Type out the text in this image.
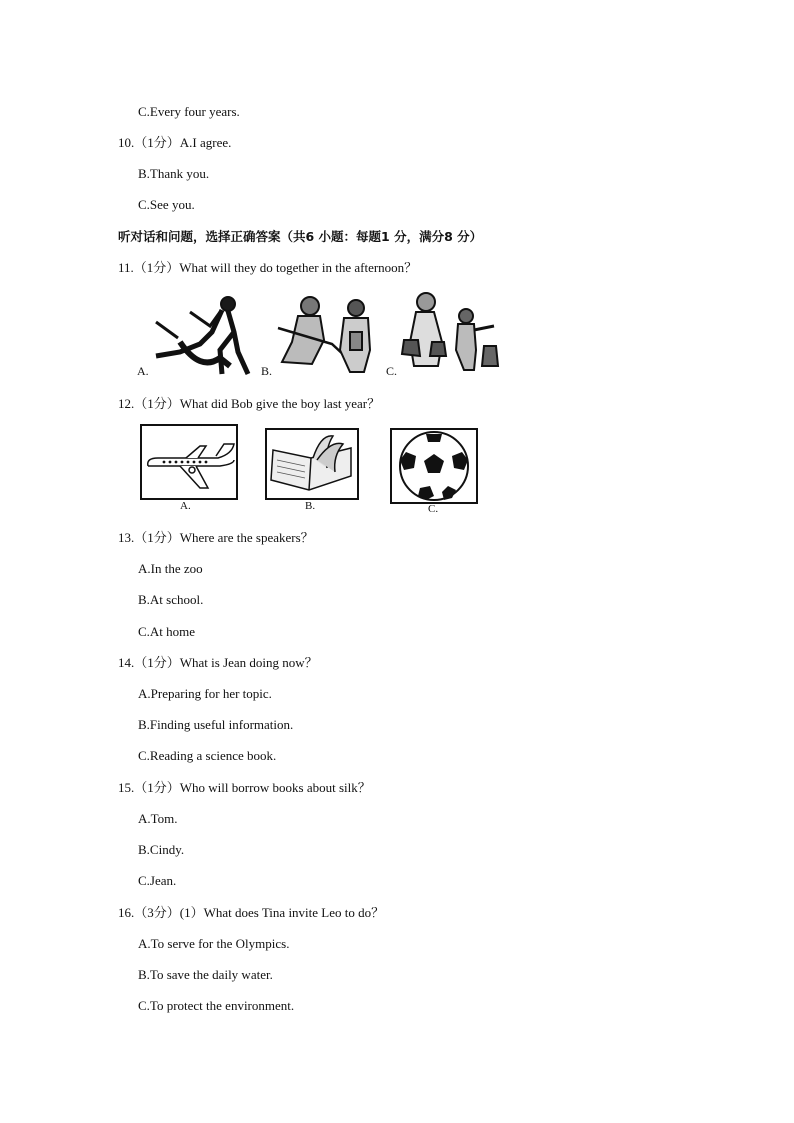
C.Every four years.
10.（1分）A.I agree.
B.Thank you.
C.See you.
听对话和问题，选择正确答案（共6 小题：每题1 分，满分8 分）
11.（1分）What will they do together in the afternoon？
A.	B.	C.
12.（1分）What did Bob give the boy last year？
A.	B.	C.
13.（1分）Where are the speakers？
A.In the zoo
B.At school.
C.At home
14.（1分）What is Jean doing now？
A.Preparing for her topic.
B.Finding useful information.
C.Reading a science book.
15.（1分）Who will borrow books about silk？
A.Tom.
B.Cindy.
C.Jean.
16.（3分）(1）What does Tina invite Leo to do？
A.To serve for the Olympics.
B.To save the daily water.
C.To protect the environment.
